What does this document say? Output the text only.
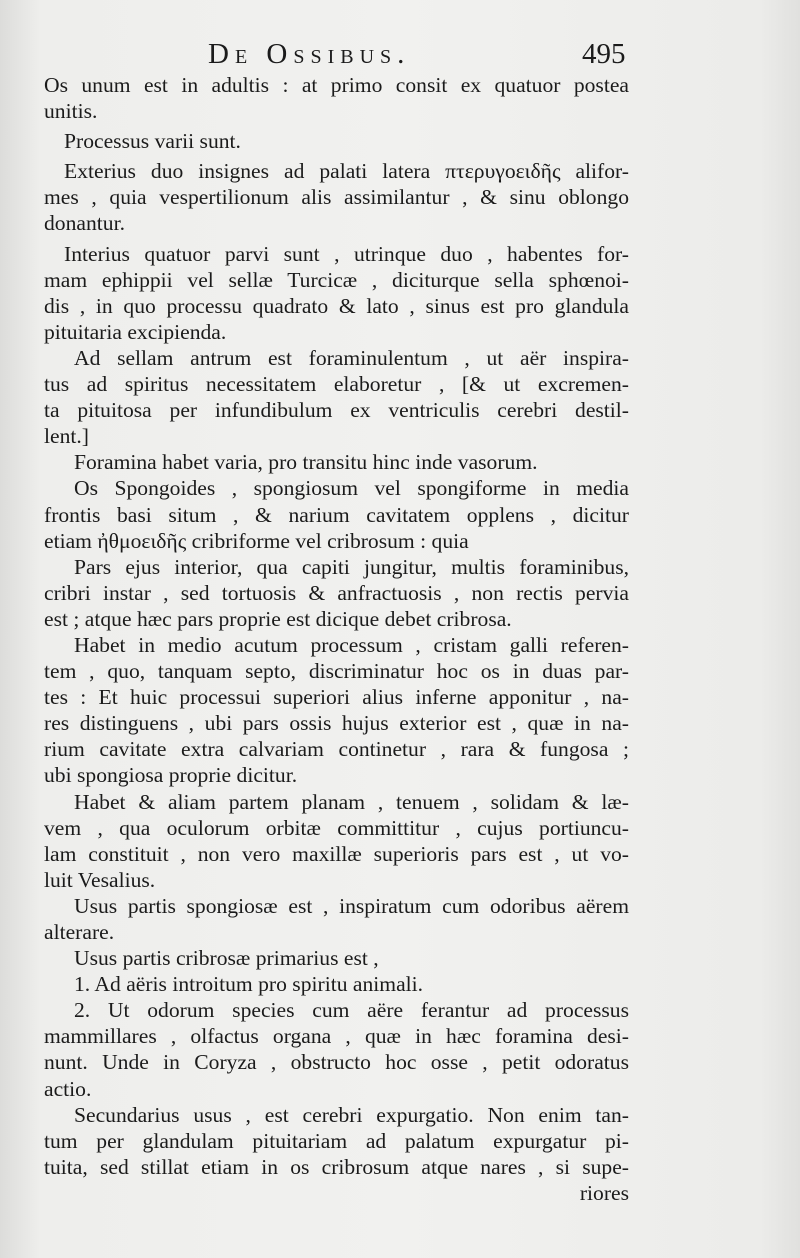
De Ossibus.	495
Os unum est in adultis : at primo consit ex quatuor postea
unitis.
Processus varii sunt.
Exterius duo insignes ad palati latera πτερυγοειδῆς alifor-
mes , quia vespertilionum alis assimilantur , & sinu oblongo
donantur.
Interius quatuor parvi sunt , utrinque duo , habentes for-
mam ephippii vel sellæ Turcicæ , diciturque sella sphœnoi-
dis , in quo processu quadrato & lato , sinus est pro glandula
pituitaria excipienda.
Ad sellam antrum est foraminulentum , ut aër inspira-
tus ad spiritus necessitatem elaboretur , [& ut excremen-
ta pituitosa per infundibulum ex ventriculis cerebri destil-
lent.]
Foramina habet varia, pro transitu hinc inde vasorum.
Os Spongoides , spongiosum vel spongiforme in media
frontis basi situm , & narium cavitatem opplens , dicitur
etiam ἠθμοειδῆς cribriforme vel cribrosum : quia
Pars ejus interior, qua capiti jungitur, multis foraminibus,
cribri instar , sed tortuosis & anfractuosis , non rectis pervia
est ; atque hæc pars proprie est dicique debet cribrosa.
Habet in medio acutum processum , cristam galli referen-
tem , quo, tanquam septo, discriminatur hoc os in duas par-
tes : Et huic processui superiori alius inferne apponitur , na-
res distinguens , ubi pars ossis hujus exterior est , quæ in na-
rium cavitate extra calvariam continetur , rara & fungosa ;
ubi spongiosa proprie dicitur.
Habet & aliam partem planam , tenuem , solidam & læ-
vem , qua oculorum orbitæ committitur , cujus portiuncu-
lam constituit , non vero maxillæ superioris pars est , ut vo-
luit Vesalius.
Usus partis spongiosæ est , inspiratum cum odoribus aërem
alterare.
Usus partis cribrosæ primarius est ,
1. Ad aëris introitum pro spiritu animali.
2. Ut odorum species cum aëre ferantur ad processus
mammillares , olfactus organa , quæ in hæc foramina desi-
nunt. Unde in Coryza , obstructo hoc osse , petit odoratus
actio.
Secundarius usus , est cerebri expurgatio. Non enim tan-
tum per glandulam pituitariam ad palatum expurgatur pi-
tuita, sed stillat etiam in os cribrosum atque nares , si supe-
riores
